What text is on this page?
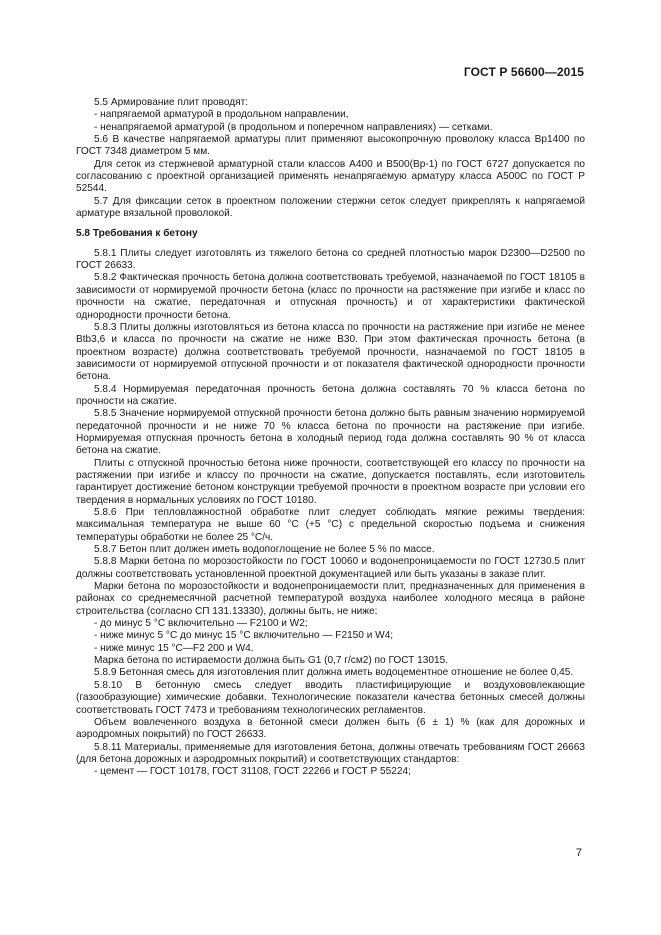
ГОСТ Р 56600—2015

5.5 Армирование плит проводят:

- напрягаемой арматурой в продольном направлении,

- ненапрягаемой арматурой (в продольном и поперечном направлениях) — сетками.

5.6 В качестве напрягаемой арматуры плит применяют высокопрочную проволоку класса Вр1400 по ГОСТ 7348 диаметром 5 мм.

Для сеток из стержневой арматурной стали классов А400 и В500(Вр-1) по ГОСТ 6727 допускается по согласованию с проектной организацией применять ненапрягаемую арматуру класса А500С по ГОСТ Р 52544.

5.7 Для фиксации сеток в проектном положении стержни сеток следует прикреплять к напрягаемой арматуре вязальной проволокой.

5.8 Требования к бетону

5.8.1 Плиты следует изготовлять из тяжелого бетона со средней плотностью марок D2300—D2500 по ГОСТ 26633.

5.8.2 Фактическая прочность бетона должна соответствовать требуемой, назначаемой по ГОСТ 18105 в зависимости от нормируемой прочности бетона (класс по прочности на растяжение при изгибе и класс по прочности на сжатие, передаточная и отпускная прочность) и от характеристики фактической однородности прочности бетона.

5.8.3 Плиты должны изготовляться из бетона класса по прочности на растяжение при изгибе не менее Btb3,6 и класса по прочности на сжатие не ниже В30. При этом фактическая прочность бетона (в проектном возрасте) должна соответствовать требуемой прочности, назначаемой по ГОСТ 18105 в зависимости от нормируемой отпускной прочности и от показателя фактической однородности прочности бетона.

5.8.4 Нормируемая передаточная прочность бетона должна составлять 70 % класса бетона по прочности на сжатие.

5.8.5 Значение нормируемой отпускной прочности бетона должно быть равным значению нормируемой передаточной прочности и не ниже 70 % класса бетона по прочности на растяжение при изгибе. Нормируемая отпускная прочность бетона в холодный период года должна составлять 90 % от класса бетона на сжатие.

Плиты с отпускной прочностью бетона ниже прочности, соответствующей его классу по прочности на растяжении при изгибе и классу по прочности на сжатие, допускается поставлять, если изготовитель гарантирует достижение бетоном конструкции требуемой прочности в проектном возрасте при условии его твердения в нормальных условиях по ГОСТ 10180.

5.8.6 При тепловлажностной обработке плит следует соблюдать мягкие режимы твердения: максимальная температура не выше 60 °С (+5 °С) с предельной скоростью подъема и снижения температуры обработки не более 25 °С/ч.

5.8.7 Бетон плит должен иметь водопоглощение не более 5 % по массе.

5.8.8 Марки бетона по морозостойкости по ГОСТ 10060 и водонепроницаемости по ГОСТ 12730.5 плит должны соответствовать установленной проектной документацией или быть указаны в заказе плит.

Марки бетона по морозостойкости и водонепроницаемости плит, предназначенных для применения в районах со среднемесячной расчетной температурой воздуха наиболее холодного месяца в районе строительства (согласно СП 131.13330), должны быть, не ниже:

- до минус 5 °С включительно — F2100 и W2;

- ниже минус 5 °С до минус 15 °С включительно — F2150 и W4;

- ниже минус 15 °С—F2 200 и W4.

Марка бетона по истираемости должна быть G1 (0,7 г/см2) по ГОСТ 13015.

5.8.9 Бетонная смесь для изготовления плит должна иметь водоцементное отношение не более 0,45.

5.8.10 В бетонную смесь следует вводить пластифицирующие и воздухововлекающие (газообразующие) химические добавки. Технологические показатели качества бетонных смесей должны соответствовать ГОСТ 7473 и требованиям технологических регламентов.

Объем вовлеченного воздуха в бетонной смеси должен быть (6 ± 1) % (как для дорожных и аэродромных покрытий) по ГОСТ 26633.

5.8.11 Материалы, применяемые для изготовления бетона, должны отвечать требованиям ГОСТ 26663 (для бетона дорожных и аэродромных покрытий) и соответствующих стандартов:

- цемент — ГОСТ 10178, ГОСТ 31108, ГОСТ 22266 и ГОСТ Р 55224;

7
